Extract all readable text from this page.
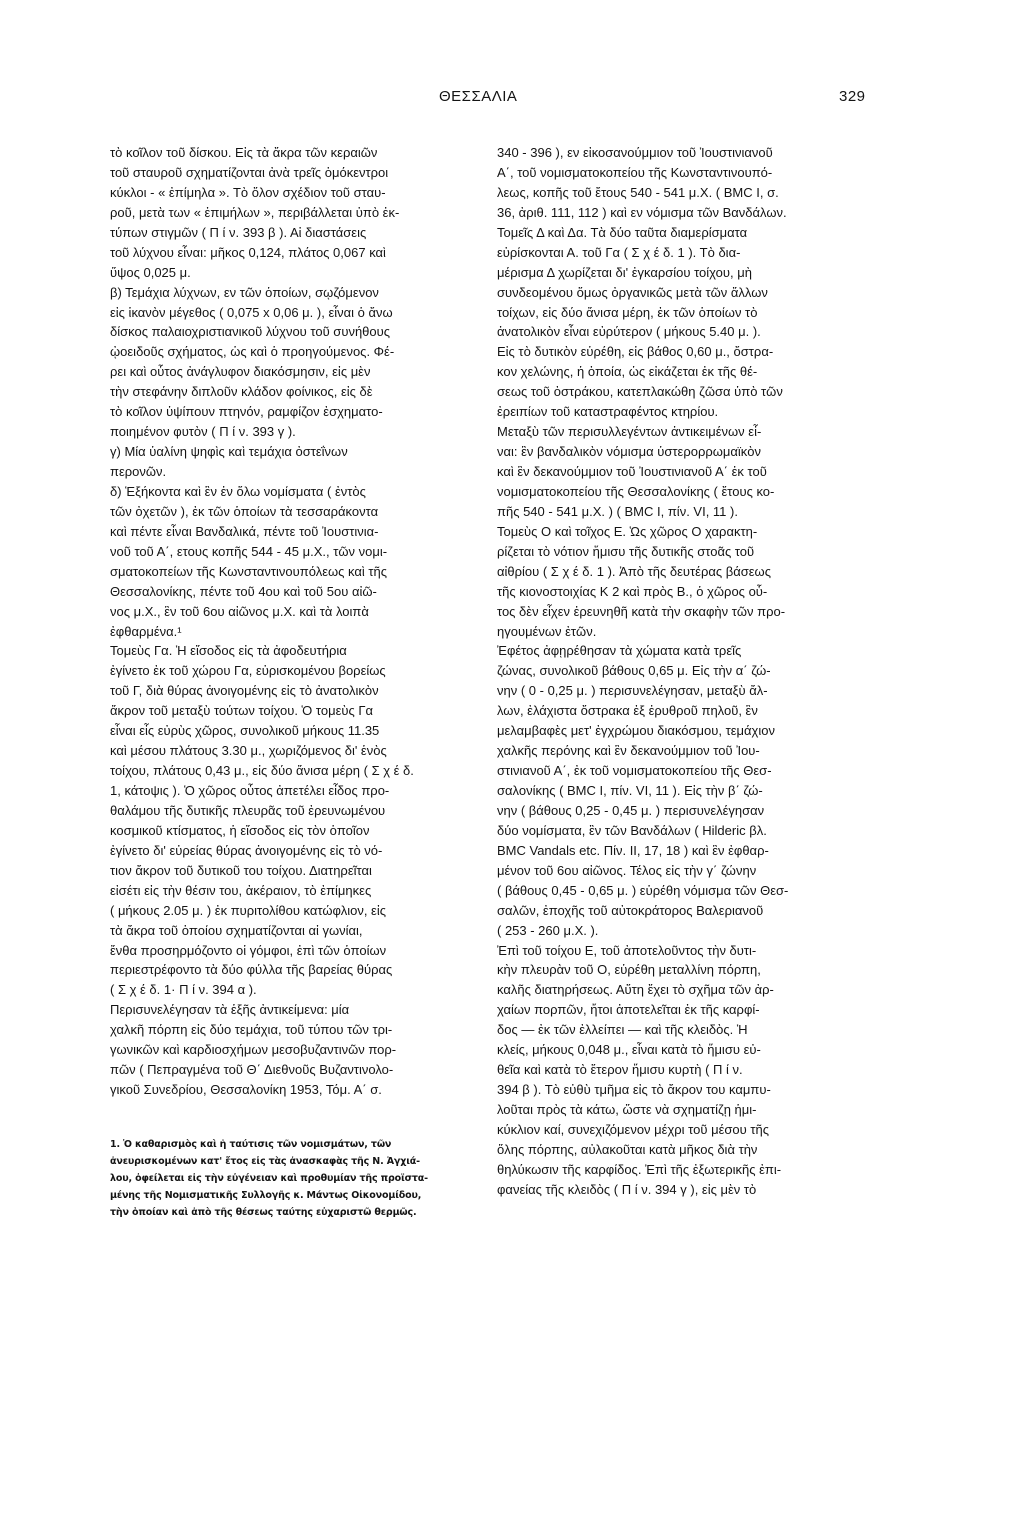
ΘΕΣΣΑΛΙΑ	329
τὸ κοῖλον τοῦ δίσκου. Εἰς τὰ ἄκρα τῶν κεραιῶν
τοῦ σταυροῦ σχηματίζονται ἀνὰ τρεῖς ὁμόκεντροι
κύκλοι - « ἐπίμηλα ». Τὸ ὅλον σχέδιον τοῦ σταυ-
ροῦ, μετὰ των « ἐπιμήλων », περιβάλλεται ὑπὸ ἐκ-
τύπων στιγμῶν ( Π ί ν. 393 β ). Αἱ διαστάσεις
τοῦ λύχνου εἶναι: μῆκος 0,124, πλάτος 0,067 καὶ
ὕψος 0,025 μ.
β) Τεμάχια λύχνων, εν τῶν ὁποίων, σῳζόμενον
εἰς ἱκανὸν μέγεθος ( 0,075 x 0,06 μ. ), εἶναι ὁ ἄνω
δίσκος παλαιοχριστιανικοῦ λύχνου τοῦ συνήθους
ᾠοειδοῦς σχήματος, ὡς καὶ ὁ προηγούμενος. Φέ-
ρει καὶ οὗτος ἀνάγλυφον διακόσμησιν, εἰς μὲν
τὴν στεφάνην διπλοῦν κλάδον φοίνικος, εἰς δὲ
τὸ κοῖλον ὑψίπουν πτηνόν, ραμφίζον ἐσχηματο-
ποιημένον φυτὸν ( Π ί ν. 393 γ ).
γ) Μία ὑαλίνη ψηφὶς καὶ τεμάχια ὀστεΐνων
περονῶν.
δ) Ἑξήκοντα καὶ ἓν ἐν ὅλω νομίσματα ( ἐντὸς
τῶν ὀχετῶν ), ἐκ τῶν ὁποίων τὰ τεσσαράκοντα
καὶ πέντε εἶναι Βανδαλικά, πέντε τοῦ Ἰουστινια-
νοῦ τοῦ Α΄, ετους κοπῆς 544 - 45 μ.Χ., τῶν νομι-
σματοκοπείων τῆς Κωνσταντινουπόλεως καὶ τῆς
Θεσσαλονίκης, πέντε τοῦ 4ου καὶ τοῦ 5ου αἰῶ-
νος μ.Χ., ἓν τοῦ 6ου αἰῶνος μ.Χ. καὶ τὰ λοιπὰ
ἐφθαρμένα.¹
Τομεὺς Γα. Ἡ εἴσοδος εἰς τὰ ἀφοδευτήρια
ἐγίνετο ἐκ τοῦ χώρου Γα, εὑρισκομένου βορείως
τοῦ Γ, διὰ θύρας ἀνοιγομένης εἰς τὸ ἀνατολικὸν
ἄκρον τοῦ μεταξὺ τούτων τοίχου. Ὁ τομεὺς Γα
εἶναι εἷς εὐρὺς χῶρος, συνολικοῦ μήκους 11.35
καὶ μέσου πλάτους 3.30 μ., χωριζόμενος δι' ἑνὸς
τοίχου, πλάτους 0,43 μ., εἰς δύο ἄνισα μέρη ( Σ χ έ δ.
1, κάτοψις ). Ὁ χῶρος οὗτος ἀπετέλει εἶδος προ-
θαλάμου τῆς δυτικῆς πλευρᾶς τοῦ ἐρευνωμένου
κοσμικοῦ κτίσματος, ἡ εἴσοδος εἰς τὸν ὁποῖον
ἐγίνετο δι' εὐρείας θύρας ἀνοιγομένης εἰς τὸ νό-
τιον ἄκρον τοῦ δυτικοῦ του τοίχου. Διατηρεῖται
εἰσέτι εἰς τὴν θέσιν του, ἀκέραιον, τὸ ἐπίμηκες
( μήκους 2.05 μ. ) ἐκ πυριτολίθου κατώφλιον, εἰς
τὰ ἄκρα τοῦ ὁποίου σχηματίζονται αἱ γωνίαι,
ἔνθα προσηρμόζοντο οἱ γόμφοι, ἐπὶ τῶν ὁποίων
περιεστρέφοντο τὰ δύο φύλλα τῆς βαρείας θύρας
( Σ χ έ δ. 1· Π ί ν. 394 α ).
Περισυνελέγησαν τὰ ἑξῆς ἀντικείμενα: μία
χαλκῆ πόρπη εἰς δύο τεμάχια, τοῦ τύπου τῶν τρι-
γωνικῶν καὶ καρδιοσχήμων μεσοβυζαντινῶν πορ-
πῶν ( Πεπραγμένα τοῦ Θ΄ Διεθνοῦς Βυζαντινολο-
γικοῦ Συνεδρίου, Θεσσαλονίκη 1953, Τόμ. Α΄ σ.
1. Ὁ καθαρισμὸς καὶ ἡ ταύτισις τῶν νομισμάτων, τῶν
ἀνευρισκομένων κατ' ἔτος εἰς τὰς ἀνασκαφὰς τῆς Ν. Ἀγχιά-
λου, ὀφείλεται εἰς τὴν εὐγένειαν καὶ προθυμίαν τῆς προϊστα-
μένης τῆς Νομισματικῆς Συλλογῆς κ. Μάντως Οἰκονομίδου,
τὴν ὁποίαν καὶ ἀπὸ τῆς θέσεως ταύτης εὐχαριστῶ θερμῶς.
340 - 396 ), εν εἰκοσανούμμιον τοῦ Ἰουστινιανοῦ
Α΄, τοῦ νομισματοκοπείου τῆς Κωνσταντινουπό-
λεως, κοπῆς τοῦ ἔτους 540 - 541 μ.Χ. ( BMC I, σ.
36, ἀριθ. 111, 112 ) καὶ εν νόμισμα τῶν Βανδάλων.
Τομεῖς Δ καὶ Δα. Τὰ δύο ταῦτα διαμερίσματα
εὑρίσκονται Α. τοῦ Γα ( Σ χ έ δ. 1 ). Τὸ δια-
μέρισμα Δ χωρίζεται δι' ἐγκαρσίου τοίχου, μὴ
συνδεομένου ὅμως ὀργανικῶς μετὰ τῶν ἄλλων
τοίχων, εἰς δύο ἄνισα μέρη, ἐκ τῶν ὁποίων τὸ
ἀνατολικὸν εἶναι εὐρύτερον ( μήκους 5.40 μ. ).
Εἰς τὸ δυτικὸν εὑρέθη, εἰς βάθος 0,60 μ., ὄστρα-
κον χελώνης, ἡ ὁποία, ὡς εἰκάζεται ἐκ τῆς θέ-
σεως τοῦ ὀστράκου, κατεπλακώθη ζῶσα ὑπὸ τῶν
ἐρειπίων τοῦ καταστραφέντος κτηρίου.
Μεταξὺ τῶν περισυλλεγέντων ἀντικειμένων εἶ-
ναι: ἓν βανδαλικὸν νόμισμα ὑστερορρωμαϊκὸν
καὶ ἓν δεκανούμμιον τοῦ Ἰουστινιανοῦ Α΄ ἐκ τοῦ
νομισματοκοπείου τῆς Θεσσαλονίκης ( ἔτους κο-
πῆς 540 - 541 μ.Χ. ) ( BMC I, πίν. VI, 11 ).
Τομεὺς Ο καὶ τοῖχος Ε. Ὡς χῶρος Ο χαρακτη-
ρίζεται τὸ νότιον ἥμισυ τῆς δυτικῆς στοᾶς τοῦ
αἰθρίου ( Σ χ έ δ. 1 ). Ἀπὸ τῆς δευτέρας βάσεως
τῆς κιονοστοιχίας Κ 2 καὶ πρὸς Β., ὁ χῶρος οὗ-
τος δὲν εἶχεν ἐρευνηθῆ κατὰ τὴν σκαφὴν τῶν προ-
ηγουμένων ἐτῶν.
Ἐφέτος ἀφῃρέθησαν τὰ χώματα κατὰ τρεῖς
ζώνας, συνολικοῦ βάθους 0,65 μ. Εἰς τὴν α΄ ζώ-
νην ( 0 - 0,25 μ. ) περισυνελέγησαν, μεταξὺ ἄλ-
λων, ἐλάχιστα ὄστρακα ἐξ ἐρυθροῦ πηλοῦ, ἓν
μελαμβαφὲς μετ' ἐγχρώμου διακόσμου, τεμάχιον
χαλκῆς περόνης καὶ ἓν δεκανούμμιον τοῦ Ἰου-
στινιανοῦ Α΄, ἐκ τοῦ νομισματοκοπείου τῆς Θεσ-
σαλονίκης ( BMC I, πίν. VI, 11 ). Εἰς τὴν β΄ ζώ-
νην ( βάθους 0,25 - 0,45 μ. ) περισυνελέγησαν
δύο νομίσματα, ἓν τῶν Βανδάλων ( Hilderic βλ.
BMC Vandals etc. Πίν. II, 17, 18 ) καὶ ἓν ἐφθαρ-
μένον τοῦ 6ου αἰῶνος. Τέλος εἰς τὴν γ΄ ζώνην
( βάθους 0,45 - 0,65 μ. ) εὑρέθη νόμισμα τῶν Θεσ-
σαλῶν, ἐποχῆς τοῦ αὐτοκράτορος Βαλεριανοῦ
( 253 - 260 μ.Χ. ).
Ἐπὶ τοῦ τοίχου Ε, τοῦ ἀποτελοῦντος τὴν δυτι-
κὴν πλευρὰν τοῦ Ο, εὑρέθη μεταλλίνη πόρπη,
καλῆς διατηρήσεως. Αὕτη ἔχει τὸ σχῆμα τῶν ἀρ-
χαίων πορπῶν, ἤτοι ἀποτελεῖται ἐκ τῆς καρφί-
δος — ἐκ τῶν ἐλλείπει — καὶ τῆς κλειδὸς. Ἡ
κλείς, μήκους 0,048 μ., εἶναι κατὰ τὸ ἥμισυ εὐ-
θεῖα καὶ κατὰ τὸ ἕτερον ἥμισυ κυρτὴ ( Π ί ν.
394 β ). Τὸ εὐθὺ τμῆμα εἰς τὸ ἄκρον του καμπυ-
λοῦται πρὸς τὰ κάτω, ὥστε νὰ σχηματίζῃ ἡμι-
κύκλιον καί, συνεχιζόμενον μέχρι τοῦ μέσου τῆς
ὅλης πόρπης, αὐλακοῦται κατὰ μῆκος διὰ τὴν
θηλύκωσιν τῆς καρφίδος. Ἐπὶ τῆς ἐξωτερικῆς ἐπι-
φανείας τῆς κλειδὸς ( Π ί ν. 394 γ ), εἰς μὲν τὸ
